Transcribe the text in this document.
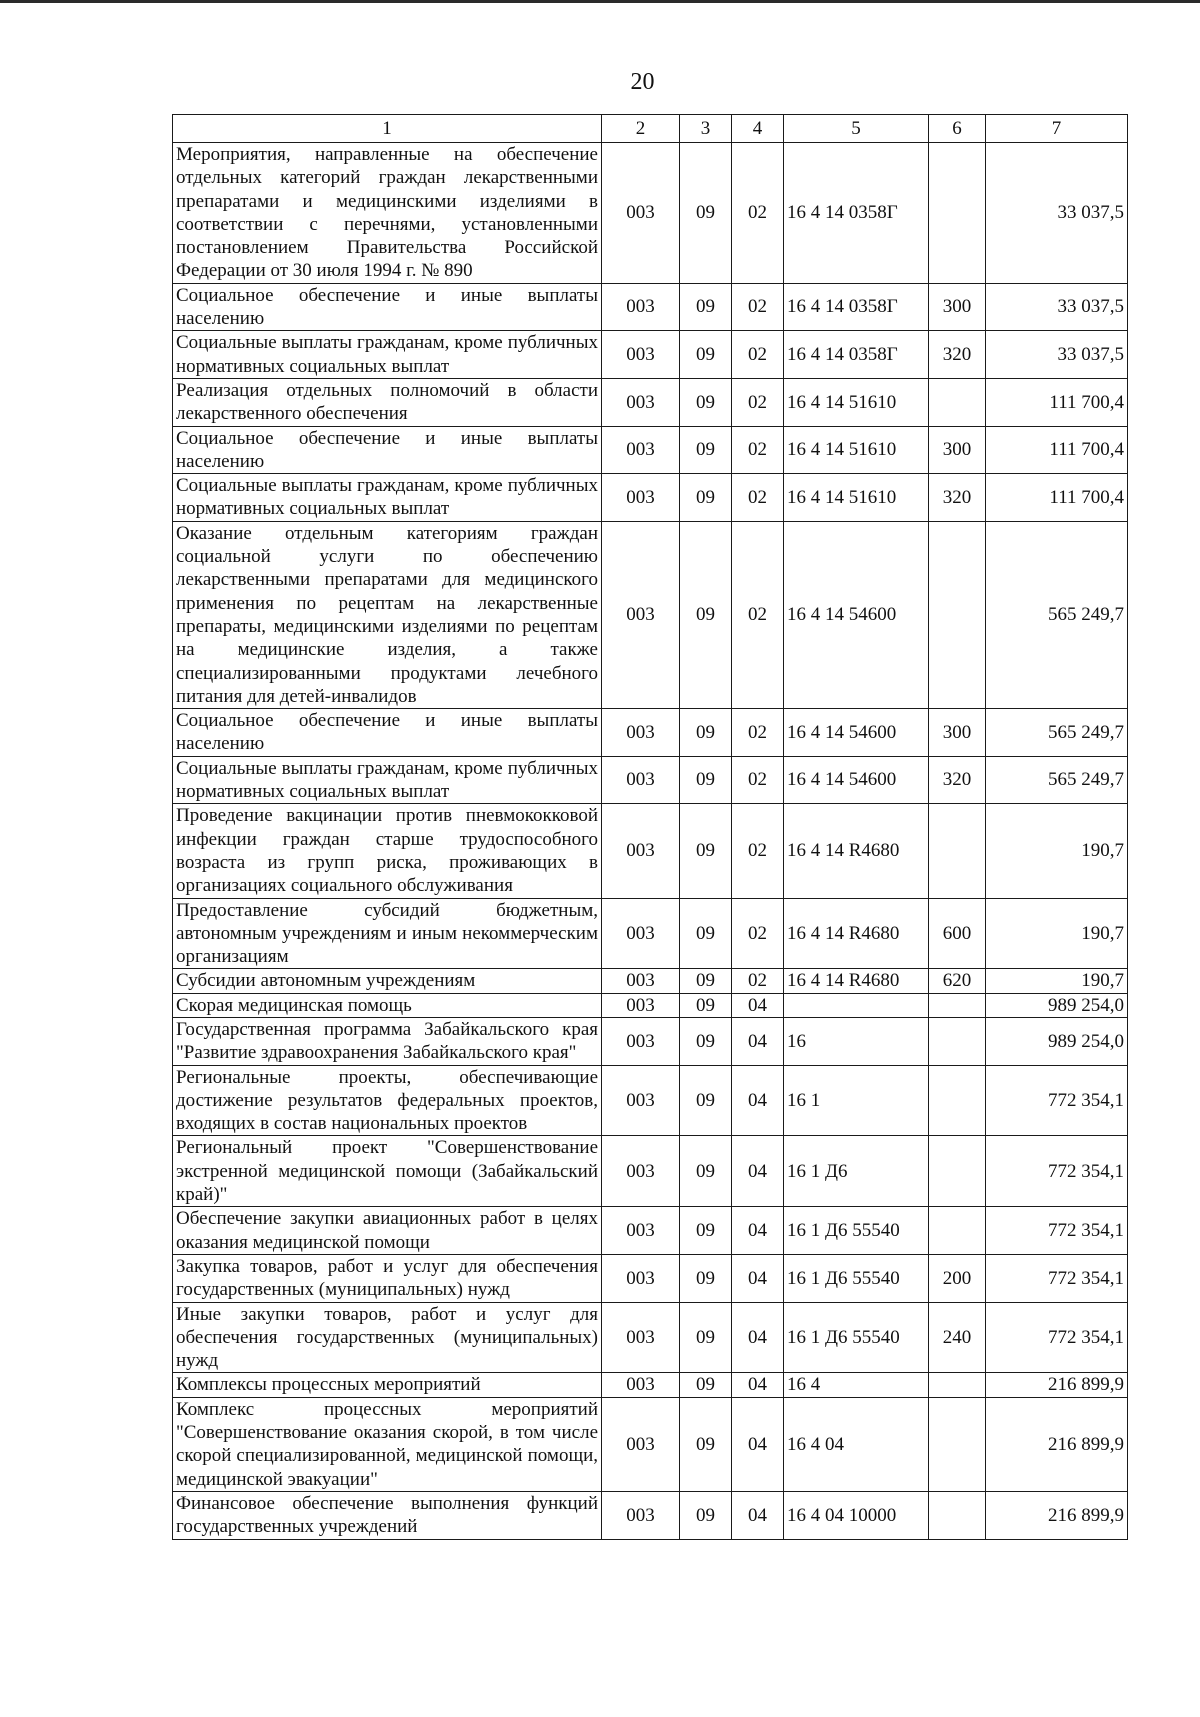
20
1	2	3	4	5	6	7
Мероприятия, направленные на обеспечение отдельных категорий граждан лекарственными препаратами и медицинскими изделиями в соответствии с перечнями, установленными постановлением Правительства Российской Федерации от 30 июля 1994 г. № 890	003	09	02	16 4 14 0358Г		33 037,5
Социальное обеспечение и иные выплаты населению	003	09	02	16 4 14 0358Г	300	33 037,5
Социальные выплаты гражданам, кроме публичных нормативных социальных выплат	003	09	02	16 4 14 0358Г	320	33 037,5
Реализация отдельных полномочий в области лекарственного обеспечения	003	09	02	16 4 14 51610		111 700,4
Социальное обеспечение и иные выплаты населению	003	09	02	16 4 14 51610	300	111 700,4
Социальные выплаты гражданам, кроме публичных нормативных социальных выплат	003	09	02	16 4 14 51610	320	111 700,4
Оказание отдельным категориям граждан социальной услуги по обеспечению лекарственными препаратами для медицинского применения по рецептам на лекарственные препараты, медицинскими изделиями по рецептам на медицинские изделия, а также специализированными продуктами лечебного питания для детей-инвалидов	003	09	02	16 4 14 54600		565 249,7
Социальное обеспечение и иные выплаты населению	003	09	02	16 4 14 54600	300	565 249,7
Социальные выплаты гражданам, кроме публичных нормативных социальных выплат	003	09	02	16 4 14 54600	320	565 249,7
Проведение вакцинации против пневмококковой инфекции граждан старше трудоспособного возраста из групп риска, проживающих в организациях социального обслуживания	003	09	02	16 4 14 R4680		190,7
Предоставление субсидий бюджетным, автономным учреждениям и иным некоммерческим организациям	003	09	02	16 4 14 R4680	600	190,7
Субсидии автономным учреждениям	003	09	02	16 4 14 R4680	620	190,7
Скорая медицинская помощь	003	09	04			989 254,0
Государственная программа Забайкальского края "Развитие здравоохранения Забайкальского края"	003	09	04	16		989 254,0
Региональные проекты, обеспечивающие достижение результатов федеральных проектов, входящих в состав национальных проектов	003	09	04	16 1		772 354,1
Региональный проект "Совершенствование экстренной медицинской помощи (Забайкальский край)"	003	09	04	16 1 Д6		772 354,1
Обеспечение закупки авиационных работ в целях оказания медицинской помощи	003	09	04	16 1 Д6 55540		772 354,1
Закупка товаров, работ и услуг для обеспечения государственных (муниципальных) нужд	003	09	04	16 1 Д6 55540	200	772 354,1
Иные закупки товаров, работ и услуг для обеспечения государственных (муниципальных) нужд	003	09	04	16 1 Д6 55540	240	772 354,1
Комплексы процессных мероприятий	003	09	04	16 4		216 899,9
Комплекс процессных мероприятий "Совершенствование оказания скорой, в том числе скорой специализированной, медицинской помощи, медицинской эвакуации"	003	09	04	16 4 04		216 899,9
Финансовое обеспечение выполнения функций государственных учреждений	003	09	04	16 4 04 10000		216 899,9
